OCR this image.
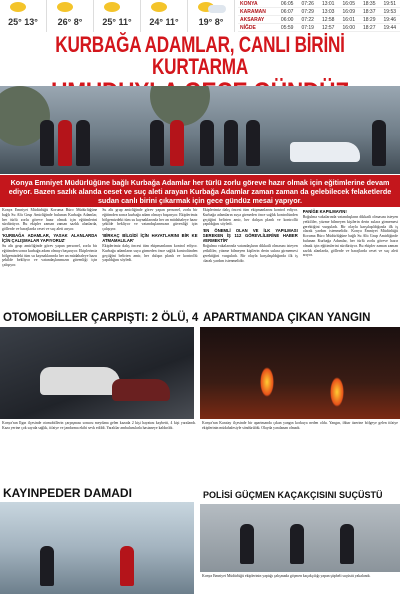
25° 13°	26° 8°	25° 11°	24° 11°	19° 8°
KONYA	06:05	07:26	13:01	16:05	18:35	19:51
KARAMAN	06:07	07:29	13:03	16:09	18:37	19:53
AKSARAY	06:00	07:22	12:58	16:01	18:29	19:46
NİĞDE	05:59	07:19	12:57	16:00	18:27	19:44
KURBAĞA ADAMLAR, CANLI BİRİNİ KURTARMA
Konya Emniyet Müdürlüğüne bağlı Kurbağa Adamlar her türlü zorlu göreve hazır olmak için eğitimlerine devam ediyor. Bazen sazlık alanda ceset ve suç aleti arayan Kurbağa Adamlar zaman zaman da gelebilecek felaketlerde sudan canlı birini çıkarmak için gece gündüz mesai yapıyor.
Konya Emniyet Müdürlüğü Koruma Büro Müdürlüğüne bağlı Su Altı Grup Amirliğinde bulunan Kurbağa Adamlar, her türlü zorlu göreve hazır olmak için eğitimlerini sürdürüyor. Bu ekipler zaman zaman sazlık alanlarda, göllerde ve barajlarda ceset ve suç aleti arıyor.
'KURBAĞA ADAMLAR, YASAK ALANLARDA İÇİN ÇALIŞMALAR YAPIYORUZ'
Su altı grup amirliğinde görev yapan personel, zorlu bir eğitimden sonra kurbağa adam olmayı başarıyor. Ekiplerimiz bölgemizdeki tüm su kaynaklarında her an müdahaleye hazır şekilde bekliyor ve vatandaşlarımızın güvenliği için çalışıyor.
Su altı grup amirliğinde görev yapan personel, zorlu bir eğitimden sonra kurbağa adam olmayı başarıyor. Ekiplerimiz bölgemizdeki tüm su kaynaklarında her an müdahaleye hazır şekilde bekliyor ve vatandaşlarımızın güvenliği için çalışıyor.
'BİRKAÇ BİLGİDİ İÇİN HAYATLARINI BİR KE ATMAMALILAR'
Ekiplerimiz dalış öncesi tüm ekipmanlarını kontrol ediyor. Kurbağa adamların suya girmeden önce sağlık kontrolünden geçtiğini belirten amir, her dalışın planlı ve kontrollü yapıldığını söyledi.
Ekiplerimiz dalış öncesi tüm ekipmanlarını kontrol ediyor. Kurbağa adamların suya girmeden önce sağlık kontrolünden geçtiğini belirten amir, her dalışın planlı ve kontrollü yapıldığını söyledi.
'EN ÖNEMLİ OLAN VE İLK YAPILMASI GEREKEN İŞ 112 GÖREVLİLERİNE HABER VERMEKTİR'
Boğulma vakalarında vatandaşların dikkatli olmasını isteyen yetkililer, yüzme bilmeyen kişilerin derin sulara girmemesi gerektiğini vurguladı. Bir olayla karşılaşıldığında ilk iş olarak yardım istenmelidir.
PANİĞE KAPILMAYIN!
Boğulma vakalarında vatandaşların dikkatli olmasını isteyen yetkililer, yüzme bilmeyen kişilerin derin sulara girmemesi gerektiğini vurguladı. Bir olayla karşılaşıldığında ilk iş olarak yardım istenmelidir. Konya Emniyet Müdürlüğü Koruma Büro Müdürlüğüne bağlı Su Altı Grup Amirliğinde bulunan Kurbağa Adamlar, her türlü zorlu göreve hazır olmak için eğitimlerini sürdürüyor. Bu ekipler zaman zaman sazlık alanlarda, göllerde ve barajlarda ceset ve suç aleti arıyor.
OTOMOBİLLER ÇARPIŞTI: 2 ÖLÜ, 4
Konya'nın Ilgın ilçesinde otomobillerin çarpışması sonucu meydana gelen kazada 2 kişi hayatını kaybetti, 4 kişi yaralandı. Kaza yerine çok sayıda sağlık, itfaiye ve jandarma ekibi sevk edildi. Yaralılar ambulanslarla hastaneye kaldırıldı.
APARTMANDA ÇIKAN YANGIN
Konya'nın Karatay ilçesinde bir apartmanda çıkan yangın korkuya neden oldu. Yangın, ihbar üzerine bölgeye gelen itfaiye ekiplerinin müdahalesiyle söndürüldü. Olayda yaralanan olmadı.
KAYINPEDER DAMADI	POLİSİ GÜÇMEN KAÇAKÇISINI SUÇÜSTÜ
Konya Emniyet Müdürlüğü ekiplerinin yaptığı çalışmada göçmen kaçakçılığı yapan şüpheli suçüstü yakalandı.
